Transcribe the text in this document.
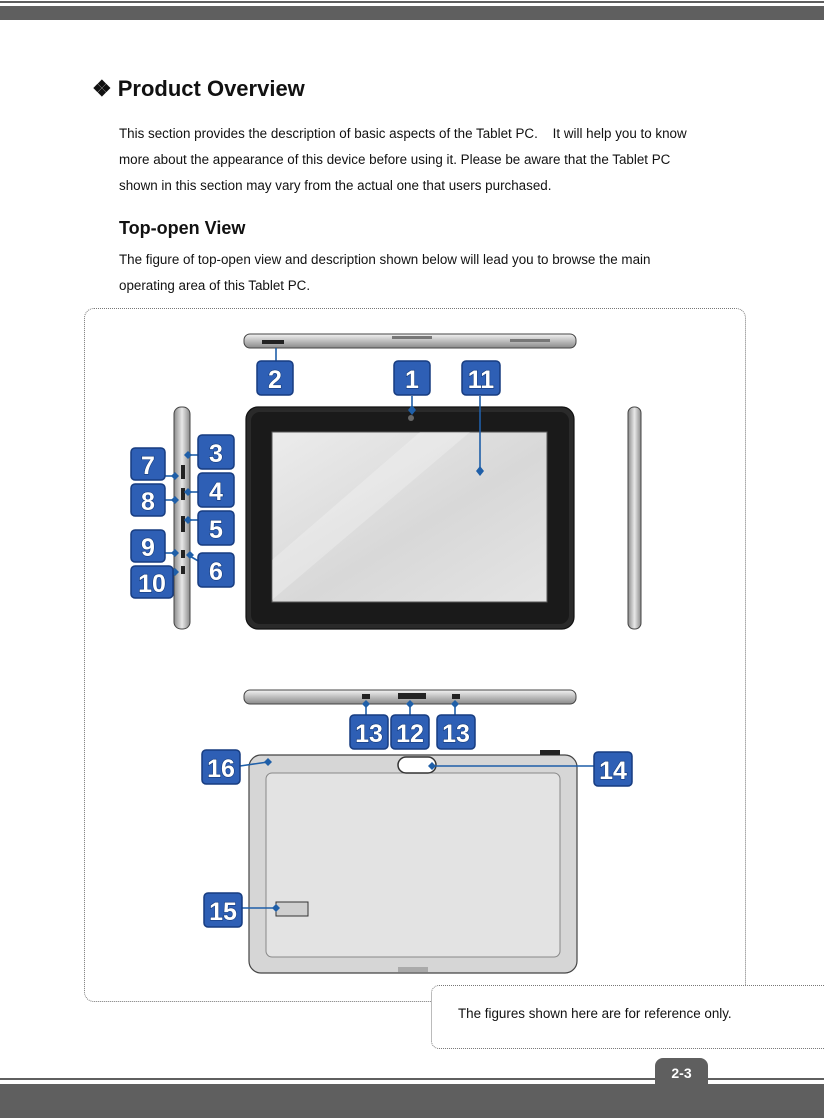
❖ Product Overview
This section provides the description of basic aspects of the Tablet PC.    It will help you to know
more about the appearance of this device before using it. Please be aware that the Tablet PC
shown in this section may vary from the actual one that users purchased.
Top-open View
The figure of top-open view and description shown below will lead you to browse the main
operating area of this Tablet PC.
2	1 11
3
4
5
6
7
8
9
10
13 12 13
14
15
16
The figures shown here are for reference only.
2-3
